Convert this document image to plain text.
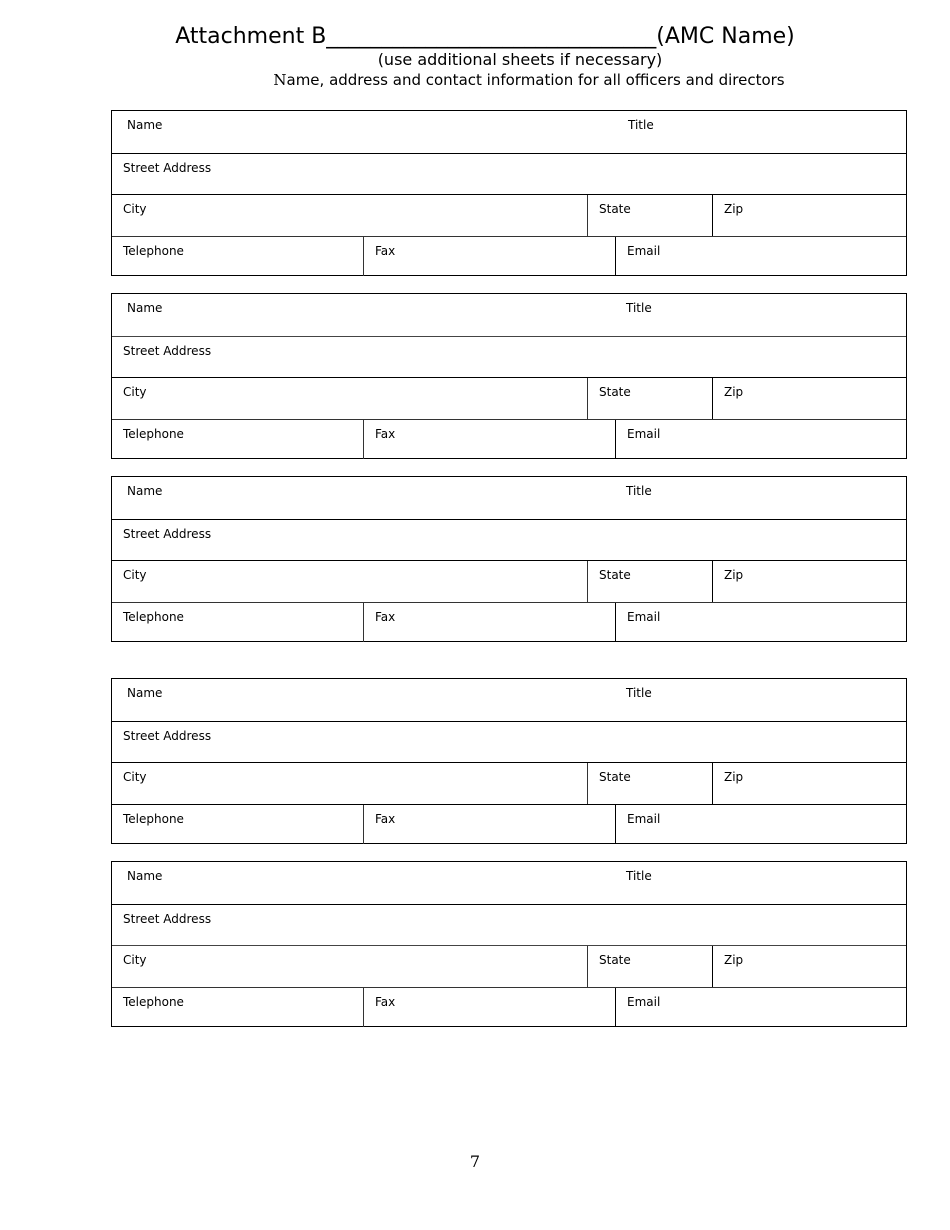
Attachment B______________________________(AMC Name)
(use additional sheets if necessary)
Name, address and contact information for all officers and directors
Name	Title
Street Address
City	State	Zip
Telephone	Fax	Email
Name	Title
Street Address
City	State	Zip
Telephone	Fax	Email
Name	Title
Street Address
City	State	Zip
Telephone	Fax	Email
Name	Title
Street Address
City	State	Zip
Telephone	Fax	Email
Name	Title
Street Address
City	State	Zip
Telephone	Fax	Email
7
